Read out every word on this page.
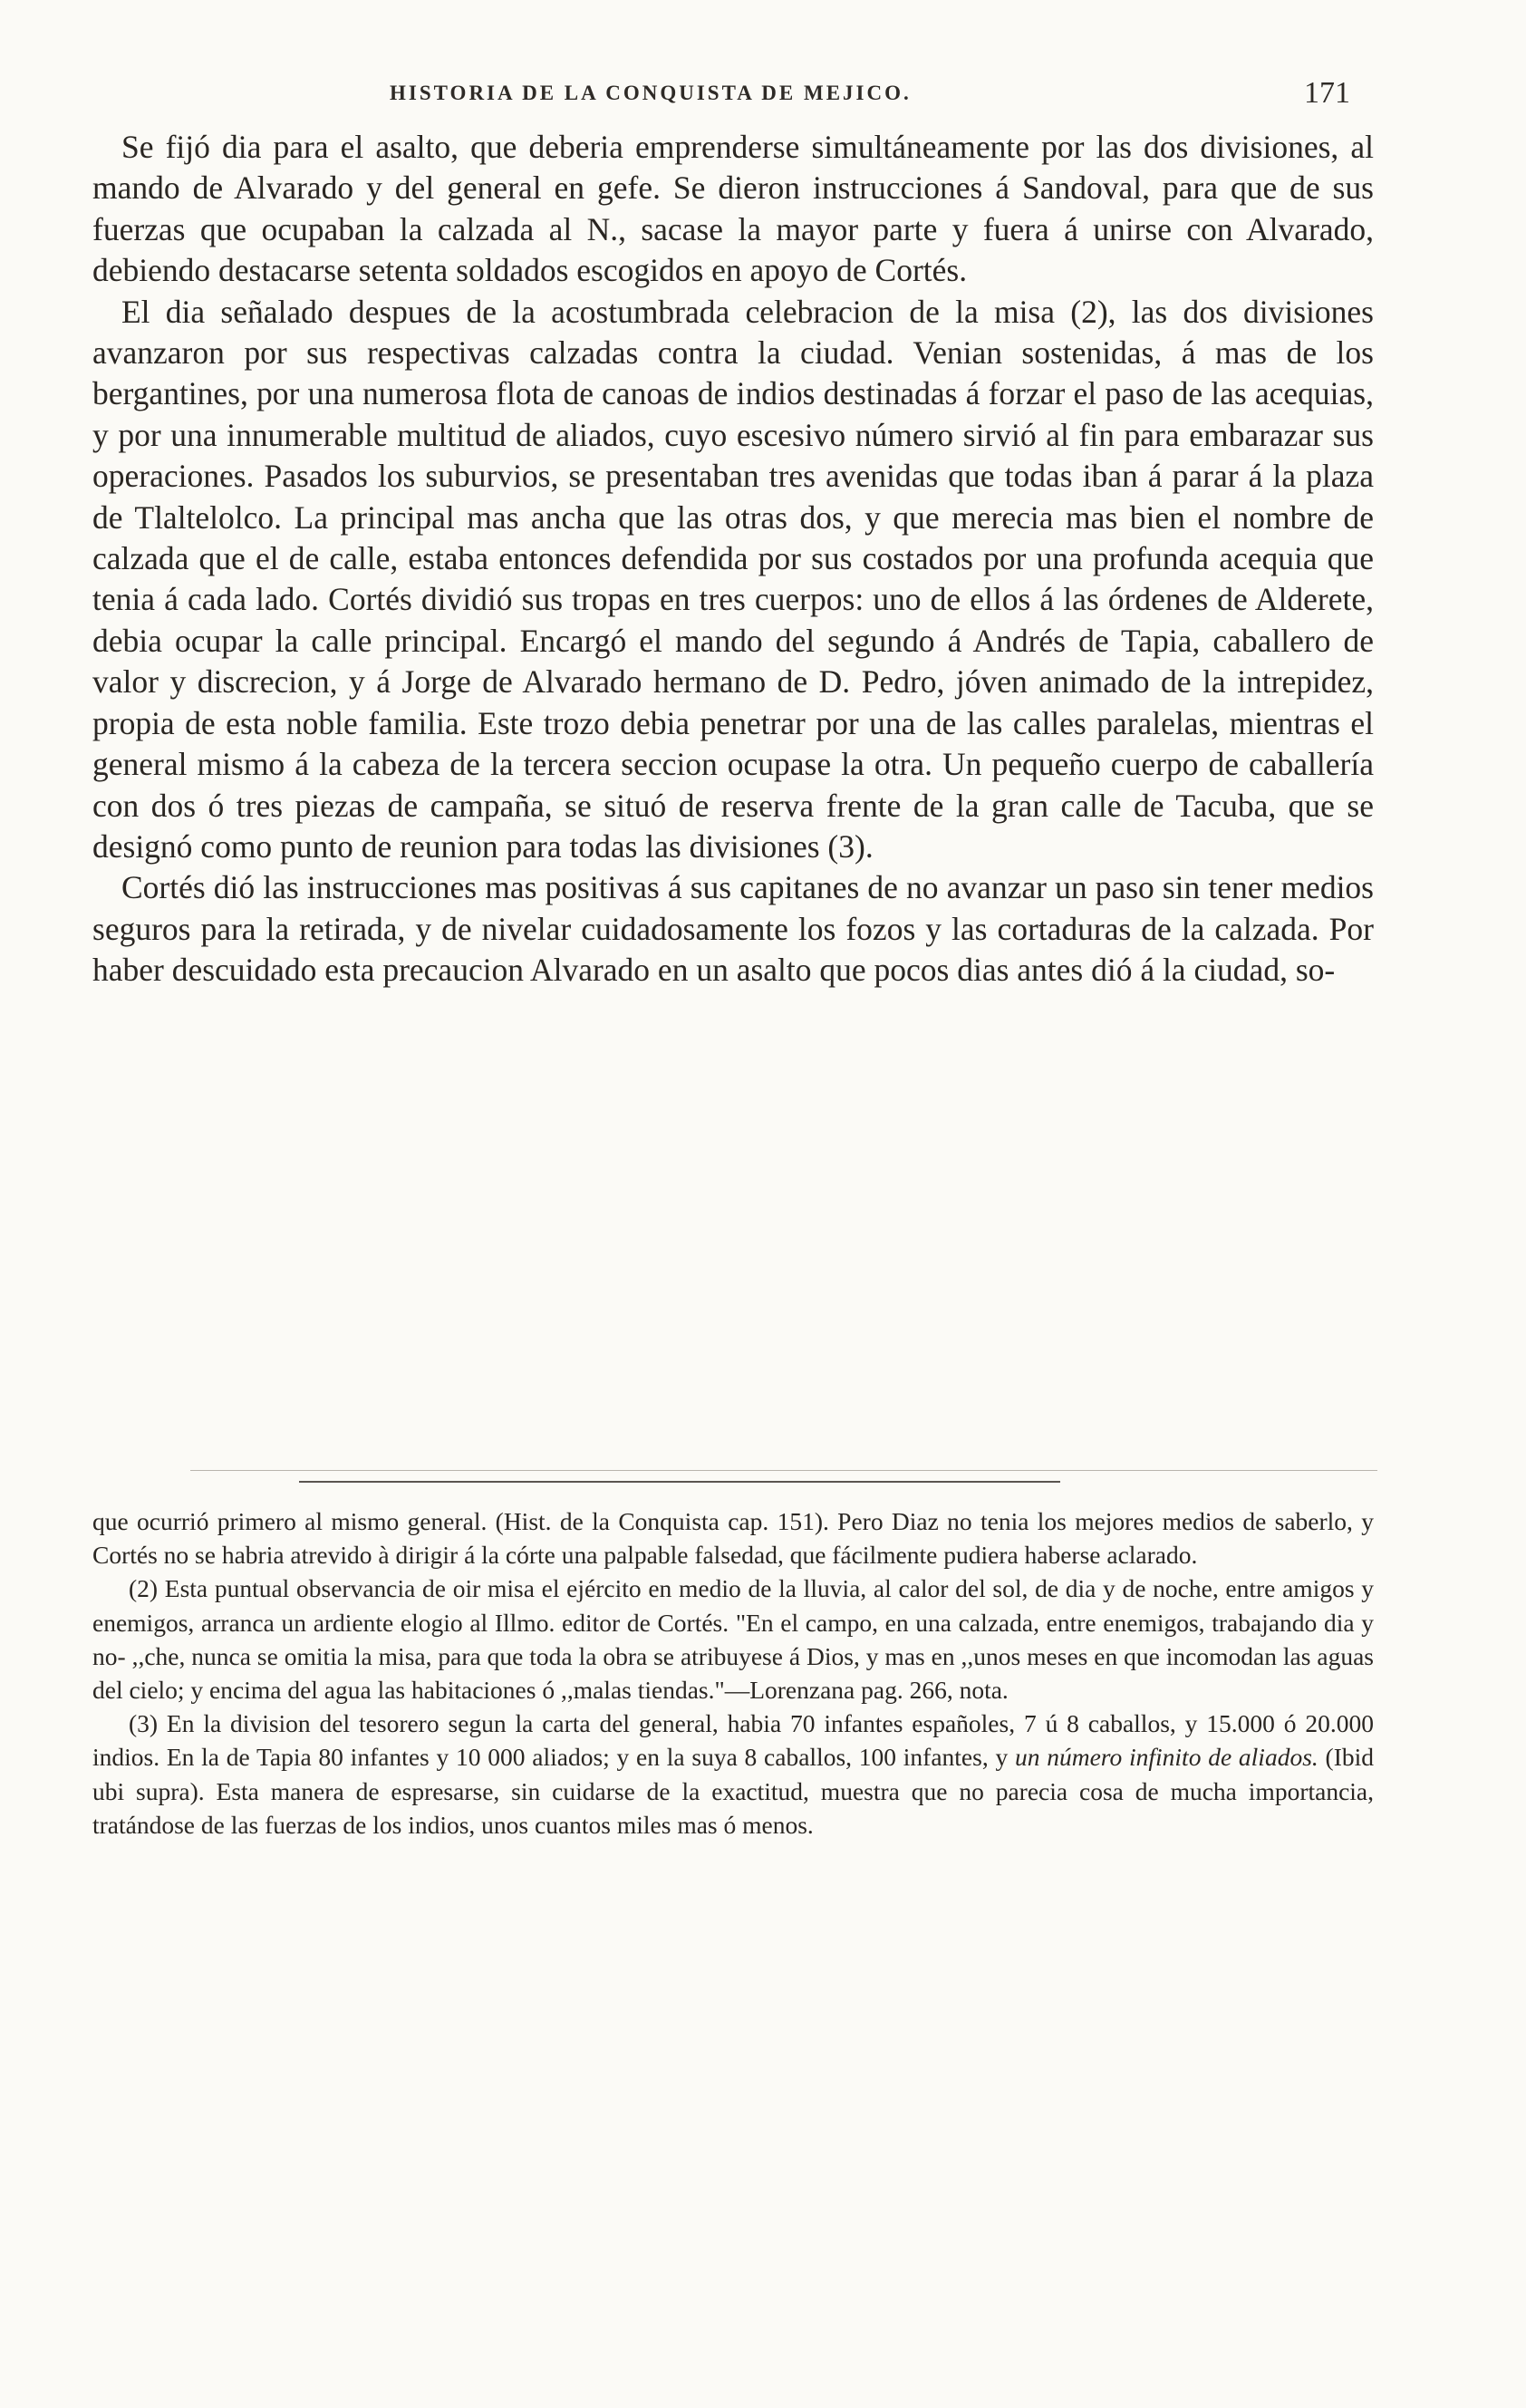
HISTORIA DE LA CONQUISTA DE MEJICO.	171

Se fijó dia para el asalto, que deberia emprenderse simultáneamente por las dos divisiones, al mando de Alvarado y del general en gefe. Se dieron instrucciones á Sandoval, para que de sus fuerzas que ocupaban la calzada al N., sacase la mayor parte y fuera á unirse con Alvarado, debiendo destacarse setenta soldados escogidos en apoyo de Cortés.

El dia señalado despues de la acostumbrada celebracion de la misa (2), las dos divisiones avanzaron por sus respectivas calzadas contra la ciudad. Venian sostenidas, á mas de los bergantines, por una numerosa flota de canoas de indios destinadas á forzar el paso de las acequias, y por una innumerable multitud de aliados, cuyo escesivo número sirvió al fin para embarazar sus operaciones. Pasados los suburvios, se presentaban tres avenidas que todas iban á parar á la plaza de Tlaltelolco. La principal mas ancha que las otras dos, y que merecia mas bien el nombre de calzada que el de calle, estaba entonces defendida por sus costados por una profunda acequia que tenia á cada lado. Cortés dividió sus tropas en tres cuerpos: uno de ellos á las órdenes de Alderete, debia ocupar la calle principal. Encargó el mando del segundo á Andrés de Tapia, caballero de valor y discrecion, y á Jorge de Alvarado hermano de D. Pedro, jóven animado de la intrepidez, propia de esta noble familia. Este trozo debia penetrar por una de las calles paralelas, mientras el general mismo á la cabeza de la tercera seccion ocupase la otra. Un pequeño cuerpo de caballería con dos ó tres piezas de campaña, se situó de reserva frente de la gran calle de Tacuba, que se designó como punto de reunion para todas las divisiones (3).

Cortés dió las instrucciones mas positivas á sus capitanes de no avanzar un paso sin tener medios seguros para la retirada, y de nivelar cuidadosamente los fozos y las cortaduras de la calzada. Por haber descuidado esta precaucion Alvarado en un asalto que pocos dias antes dió á la ciudad, so-

que ocurrió primero al mismo general. (Hist. de la Conquista cap. 151). Pero Diaz no tenia los mejores medios de saberlo, y Cortés no se habria atrevido à dirigir á la córte una palpable falsedad, que fácilmente pudiera haberse aclarado.

(2) Esta puntual observancia de oir misa el ejército en medio de la lluvia, al calor del sol, de dia y de noche, entre amigos y enemigos, arranca un ardiente elogio al Illmo. editor de Cortés. "En el campo, en una calzada, entre enemigos, trabajando dia y no- ,,che, nunca se omitia la misa, para que toda la obra se atribuyese á Dios, y mas en ,,unos meses en que incomodan las aguas del cielo; y encima del agua las habitaciones ó ,,malas tiendas."—Lorenzana pag. 266, nota.

(3) En la division del tesorero segun la carta del general, habia 70 infantes españoles, 7 ú 8 caballos, y 15.000 ó 20.000 indios. En la de Tapia 80 infantes y 10 000 aliados; y en la suya 8 caballos, 100 infantes, y un número infinito de aliados. (Ibid ubi supra). Esta manera de espresarse, sin cuidarse de la exactitud, muestra que no parecia cosa de mucha importancia, tratándose de las fuerzas de los indios, unos cuantos miles mas ó menos.
